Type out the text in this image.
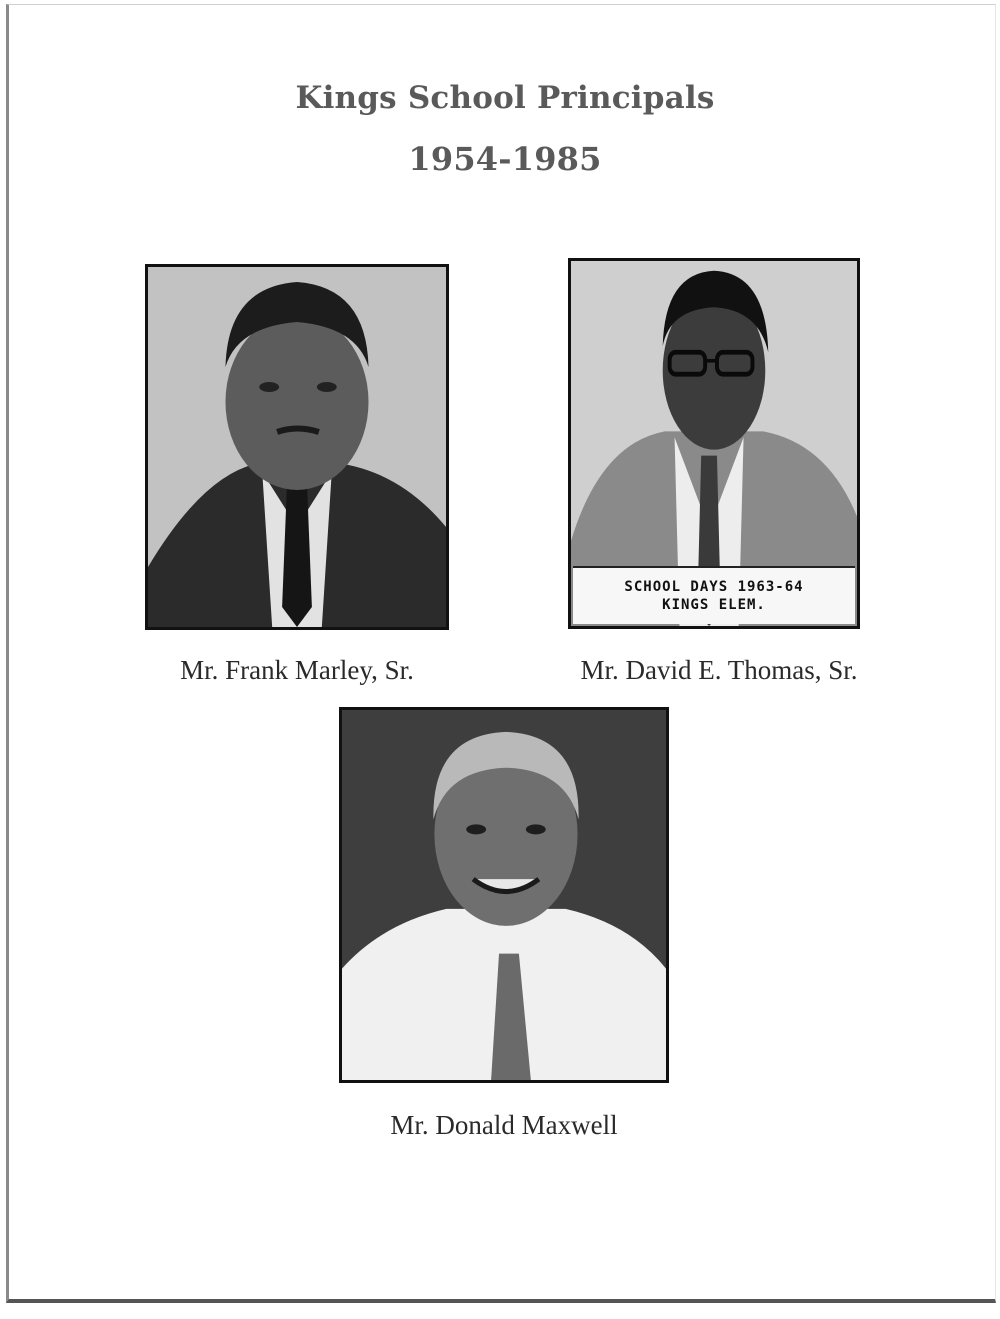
Kings School Principals
1954-1985
Mr. Frank Marley, Sr.
SCHOOL DAYS 1963-64
KINGS ELEM.
Mr. David E. Thomas, Sr.
Mr. Donald Maxwell
